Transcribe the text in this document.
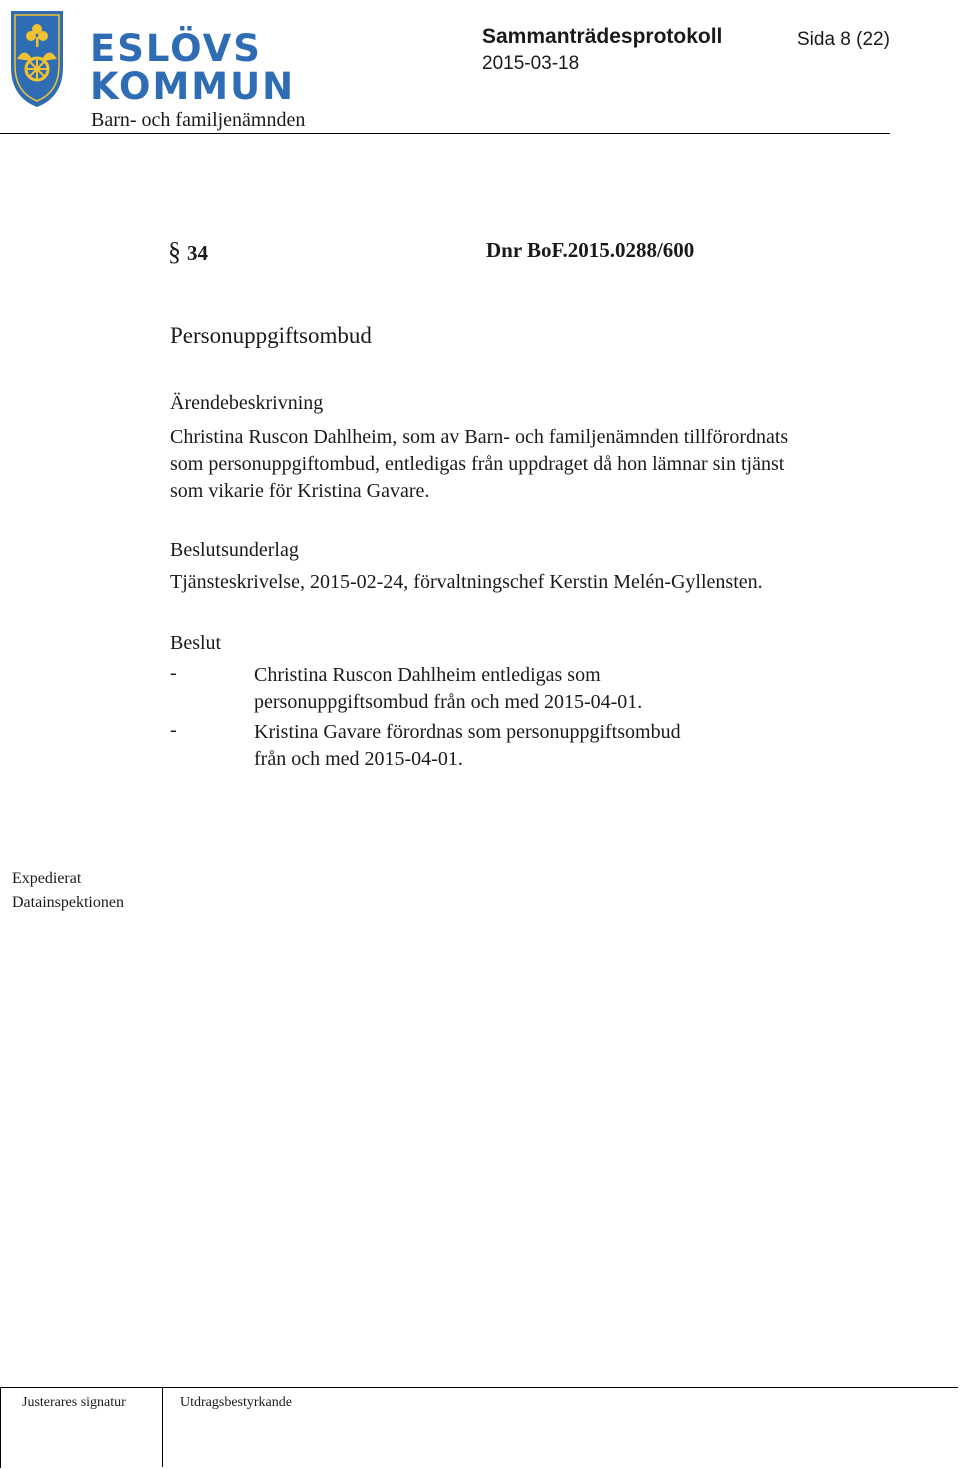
ESLÖVS
KOMMUN
Barn- och familjenämnden
Sammanträdesprotokoll	Sida 8 (22)
2015-03-18
§ 34	Dnr BoF.2015.0288/600
Personuppgiftsombud
Ärendebeskrivning
Christina Ruscon Dahlheim, som av Barn- och familjenämnden tillförordnats
som personuppgiftombud, entledigas från uppdraget då hon lämnar sin tjänst
som vikarie för Kristina Gavare.
Beslutsunderlag
Tjänsteskrivelse, 2015-02-24, förvaltningschef Kerstin Melén-Gyllensten.
Beslut
-	Christina Ruscon Dahlheim entledigas som
personuppgiftsombud från och med 2015-04-01.
-	Kristina Gavare förordnas som personuppgiftsombud
från och med 2015-04-01.
Expedierat
Datainspektionen
Justerares signatur	Utdragsbestyrkande
